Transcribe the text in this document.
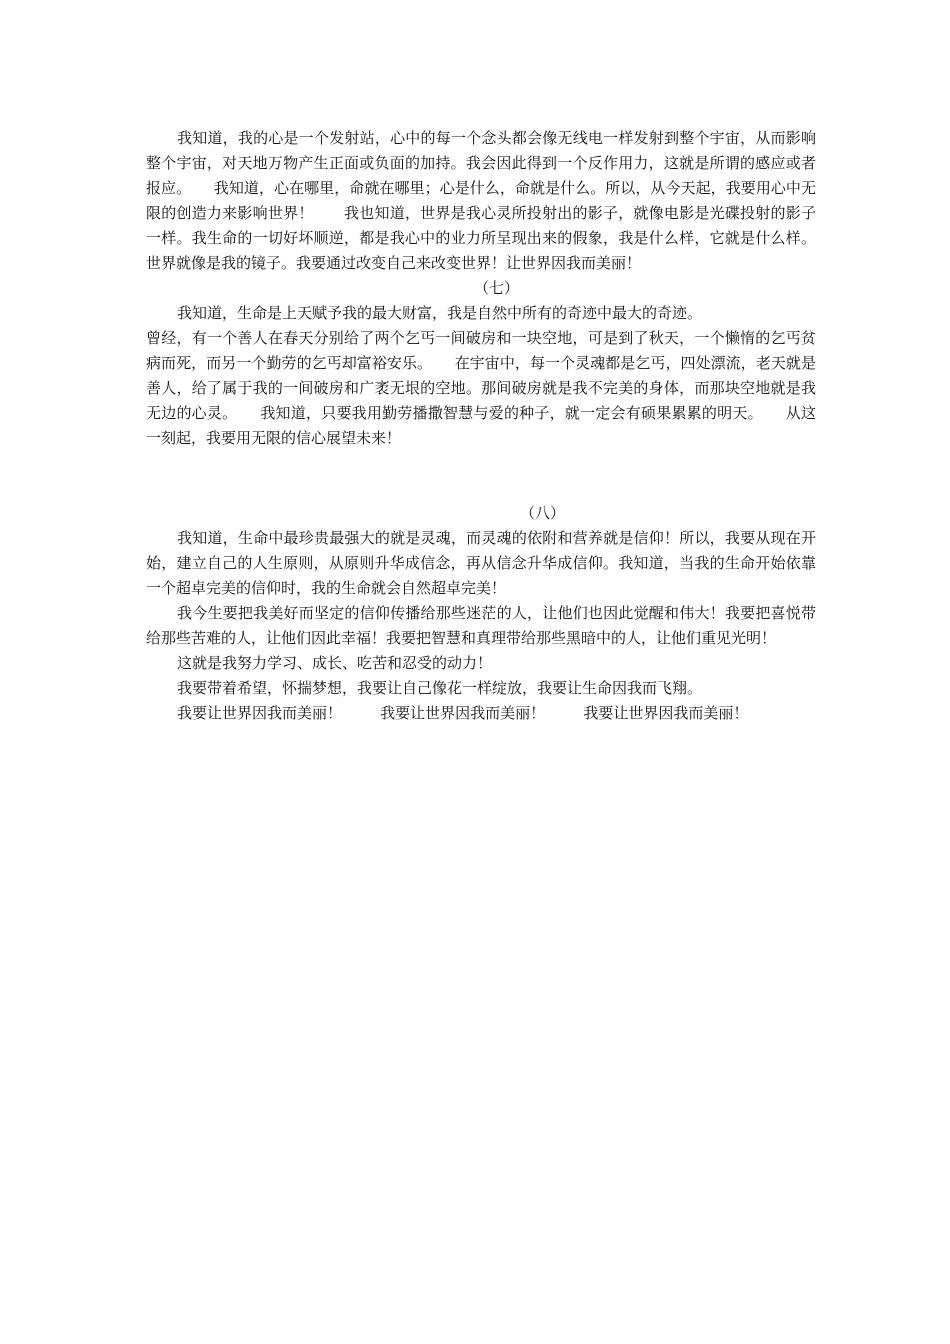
我知道，我的心是一个发射站，心中的每一个念头都会像无线电一样发射到整个宇宙，从而影响整个宇宙，对天地万物产生正面或负面的加持。我会因此得到一个反作用力，这就是所谓的感应或者报应。　　我知道，心在哪里，命就在哪里；心是什么，命就是什么。所以，从今天起，我要用心中无限的创造力来影响世界！　　我也知道，世界是我心灵所投射出的影子，就像电影是光碟投射的影子一样。我生命的一切好坏顺逆，都是我心中的业力所呈现出来的假象，我是什么样，它就是什么样。世界就像是我的镜子。我要通过改变自己来改变世界！让世界因我而美丽！

（七）

我知道，生命是上天赋予我的最大财富，我是自然中所有的奇迹中最大的奇迹。

曾经，有一个善人在春天分别给了两个乞丐一间破房和一块空地，可是到了秋天，一个懒惰的乞丐贫病而死，而另一个勤劳的乞丐却富裕安乐。　　在宇宙中，每一个灵魂都是乞丐，四处漂流，老天就是善人，给了属于我的一间破房和广袤无垠的空地。那间破房就是我不完美的身体，而那块空地就是我无边的心灵。　　我知道，只要我用勤劳播撒智慧与爱的种子，就一定会有硕果累累的明天。　　从这一刻起，我要用无限的信心展望未来！

（八）

我知道，生命中最珍贵最强大的就是灵魂，而灵魂的依附和营养就是信仰！所以，我要从现在开始，建立自己的人生原则，从原则升华成信念，再从信念升华成信仰。我知道，当我的生命开始依靠一个超卓完美的信仰时，我的生命就会自然超卓完美！

我今生要把我美好而坚定的信仰传播给那些迷茫的人，让他们也因此觉醒和伟大！我要把喜悦带给那些苦难的人，让他们因此幸福！我要把智慧和真理带给那些黑暗中的人，让他们重见光明！

这就是我努力学习、成长、吃苦和忍受的动力！

我要带着希望，怀揣梦想，我要让自己像花一样绽放，我要让生命因我而飞翔。

我要让世界因我而美丽！	我要让世界因我而美丽！	我要让世界因我而美丽！
